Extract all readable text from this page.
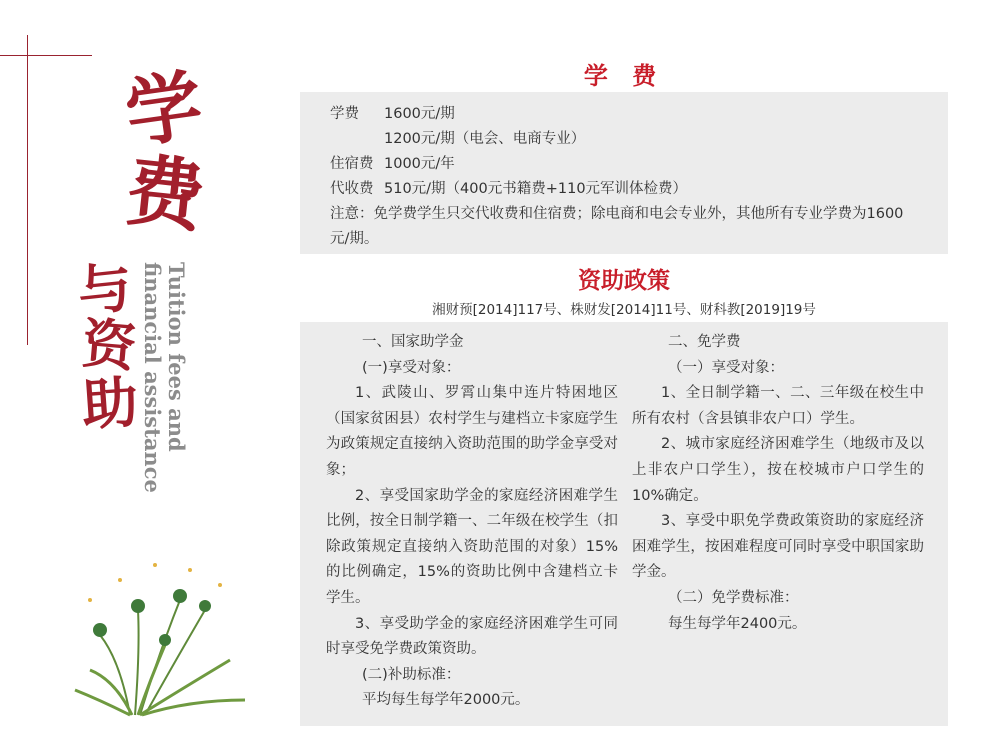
学
费
与
资
助 Tuition fees and
financial assistance
学 费
学费 1600元/期
1200元/期（电会、电商专业）
住宿费 1000元/年
代收费 510元/期（400元书籍费+110元军训体检费）
注意：免学费学生只交代收费和住宿费；除电商和电会专业外，其他所有专业学费为1600元/期。
资助政策
湘财预[2014]117号、株财发[2014]11号、财科教[2019]19号

一、国家助学金

(一)享受对象：

1、武陵山、罗霄山集中连片特困地区（国家贫困县）农村学生与建档立卡家庭学生为政策规定直接纳入资助范围的助学金享受对象；

2、享受国家助学金的家庭经济困难学生比例，按全日制学籍一、二年级在校学生（扣除政策规定直接纳入资助范围的对象）15%的比例确定，15%的资助比例中含建档立卡学生。

3、享受助学金的家庭经济困难学生可同时享受免学费政策资助。

(二)补助标准：

平均每生每学年2000元。

二、免学费

（一）享受对象：

1、全日制学籍一、二、三年级在校生中所有农村（含县镇非农户口）学生。

2、城市家庭经济困难学生（地级市及以上非农户口学生），按在校城市户口学生的10%确定。

3、享受中职免学费政策资助的家庭经济困难学生，按困难程度可同时享受中职国家助学金。

（二）免学费标准：

每生每学年2400元。
